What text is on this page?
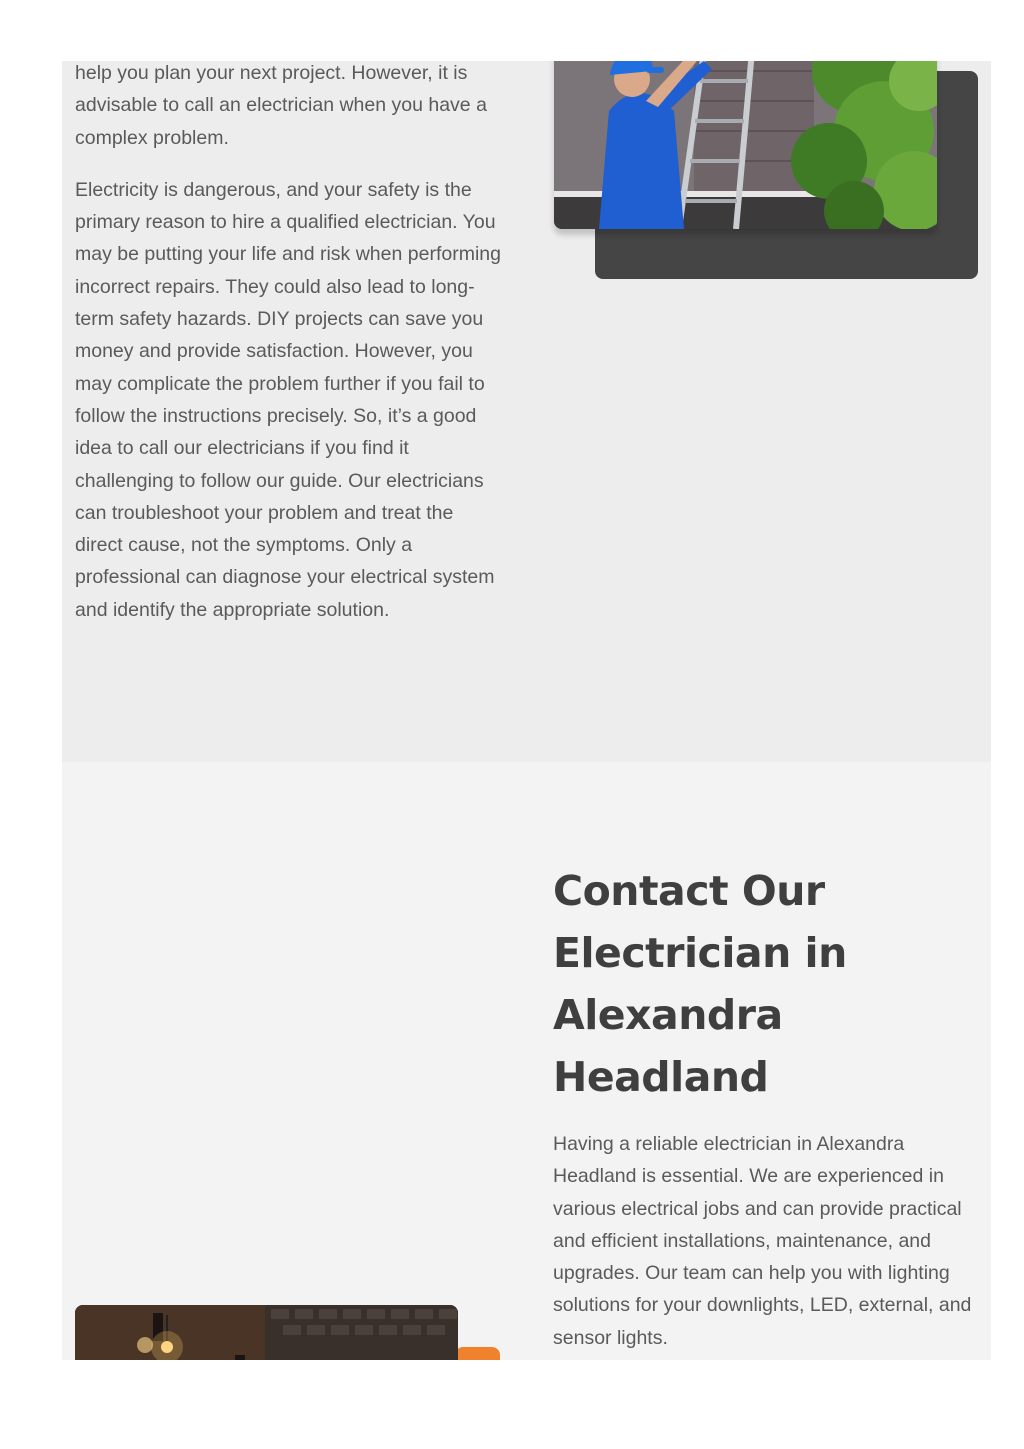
help you plan your next project. However, it is advisable to call an electrician when you have a complex problem.

Electricity is dangerous, and your safety is the primary reason to hire a qualified electrician. You may be putting your life and risk when performing incorrect repairs. They could also lead to long-term safety hazards. DIY projects can save you money and provide satisfaction. However, you may complicate the problem further if you fail to follow the instructions precisely. So, it’s a good idea to call our electricians if you find it challenging to follow our guide. Our electricians can troubleshoot your problem and treat the direct cause, not the symptoms. Only a professional can diagnose your electrical system and identify the appropriate solution.

Contact Our Electrician in Alexandra Headland

Having a reliable electrician in Alexandra Headland is essential. We are experienced in various electrical jobs and can provide practical and efficient installations, maintenance, and upgrades. Our team can help you with lighting solutions for your downlights, LED, external, and sensor lights.
